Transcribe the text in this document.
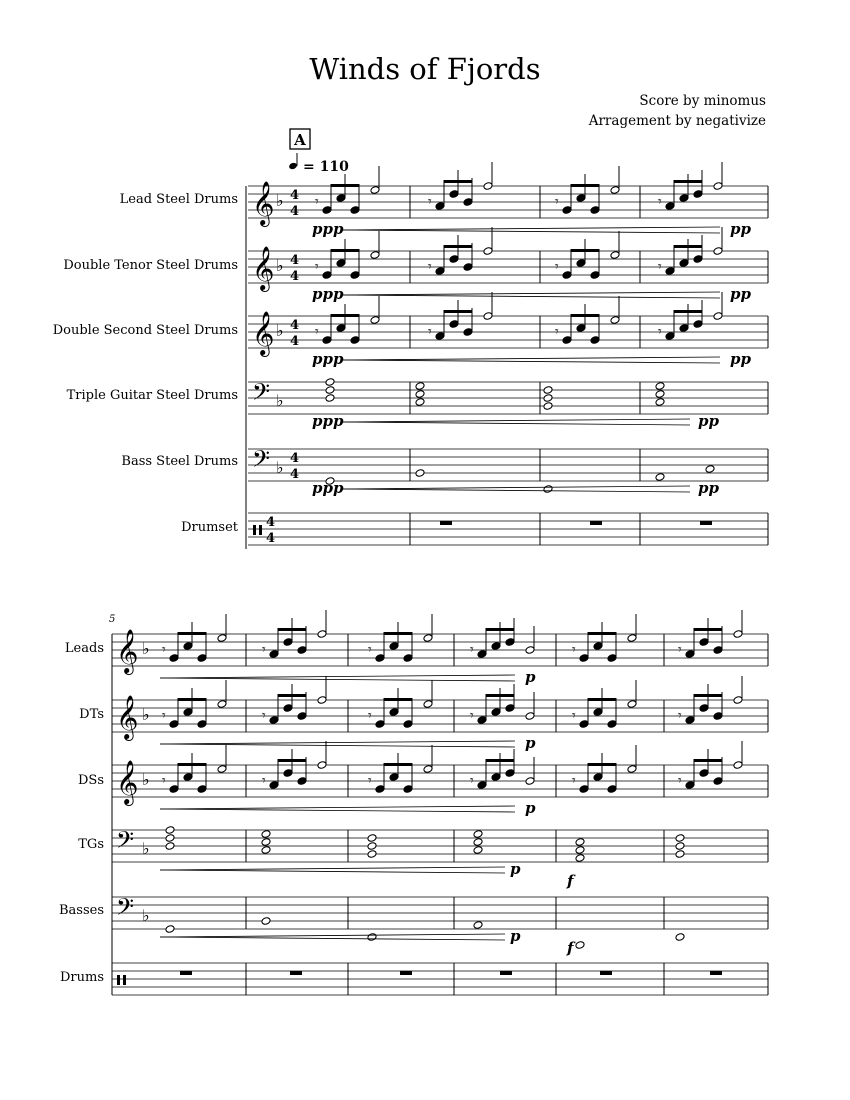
Winds of Fjords
Score by minomus
Arragement by negativize
Lead Steel Drums
Double Tenor Steel Drums
Double Second Steel Drums
Triple Guitar Steel Drums
Bass Steel Drums
Drumset
Leads
DTs
DSs
TGs
Basses
Drums
A
= 110
𝄞 ♭ 4
4
𝄾	𝄾	𝄾	𝄾
ppp	pp
𝄞 ♭ 4
4
𝄾	𝄾	𝄾	𝄾
ppp	pp
𝄞 ♭ 4
4
𝄾	𝄾	𝄾	𝄾
ppp	pp
𝄢 ♭
ppp	pp
𝄢 ♭ 4
4
ppp	pp
4
4
𝄞 ♭ 𝄾	𝄾	𝄾	𝄾	𝄾	𝄾
p
𝄞 ♭ 𝄾	𝄾	𝄾	𝄾	𝄾	𝄾
p
𝄞 ♭ 𝄾	𝄾	𝄾	𝄾	𝄾	𝄾
p
𝄢 ♭
p
f
𝄢 ♭
p
f
5
